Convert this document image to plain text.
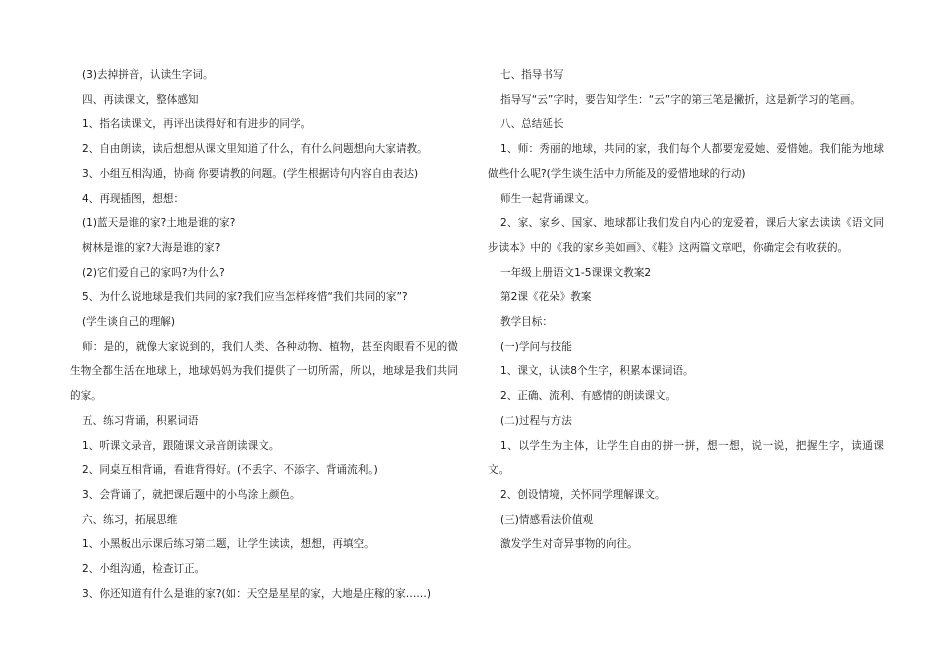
(3)去掉拼音，认读生字词。

四、再读课文，整体感知

1、指名读课文，再评出读得好和有进步的同学。

2、自由朗读，读后想想从课文里知道了什么，有什么问题想向大家请教。

3、小组互相沟通，协商 你要请教的问题。(学生根据诗句内容自由表达)

4、再现插图，想想：

(1)蓝天是谁的家?土地是谁的家?

树林是谁的家?大海是谁的家?

(2)它们爱自己的家吗?为什么?

5、为什么说地球是我们共同的家?我们应当怎样疼惜“我们共同的家”?

(学生谈自己的理解)

师：是的，就像大家说到的，我们人类、各种动物、植物，甚至肉眼看不见的微生物全都生活在地球上，地球妈妈为我们提供了一切所需，所以，地球是我们共同的家。

五、练习背诵，积累词语

1、听课文录音，跟随课文录音朗读课文。

2、同桌互相背诵，看谁背得好。(不丢字、不添字、背诵流利。)

3、会背诵了，就把课后题中的小鸟涂上颜色。

六、练习，拓展思维

1、小黑板出示课后练习第二题，让学生读读，想想，再填空。

2、小组沟通，检查订正。

3、你还知道有什么是谁的家?(如：天空是星星的家，大地是庄稼的家……)

七、指导书写

指导写“云”字时，要告知学生：“云”字的第三笔是撇折，这是新学习的笔画。

八、总结延长

1、师：秀丽的地球，共同的家，我们每个人都要宠爱她、爱惜她。我们能为地球做些什么呢?(学生谈生活中力所能及的爱惜地球的行动)

师生一起背诵课文。

2、家、家乡、国家、地球都让我们发自内心的宠爱着，课后大家去读读《语文同步读本》中的《我的家乡美如画》、《鞋》这两篇文章吧，你确定会有收获的。

一年级上册语文1-5课课文教案2

第2课《花朵》教案

教学目标：

(一)学问与技能

1、课文，认读8个生字，积累本课词语。

2、正确、流利、有感情的朗读课文。

(二)过程与方法

1、以学生为主体，让学生自由的拼一拼，想一想，说一说，把握生字，读通课文。

2、创设情境，关怀同学理解课文。

(三)情感看法价值观

激发学生对奇异事物的向往。
